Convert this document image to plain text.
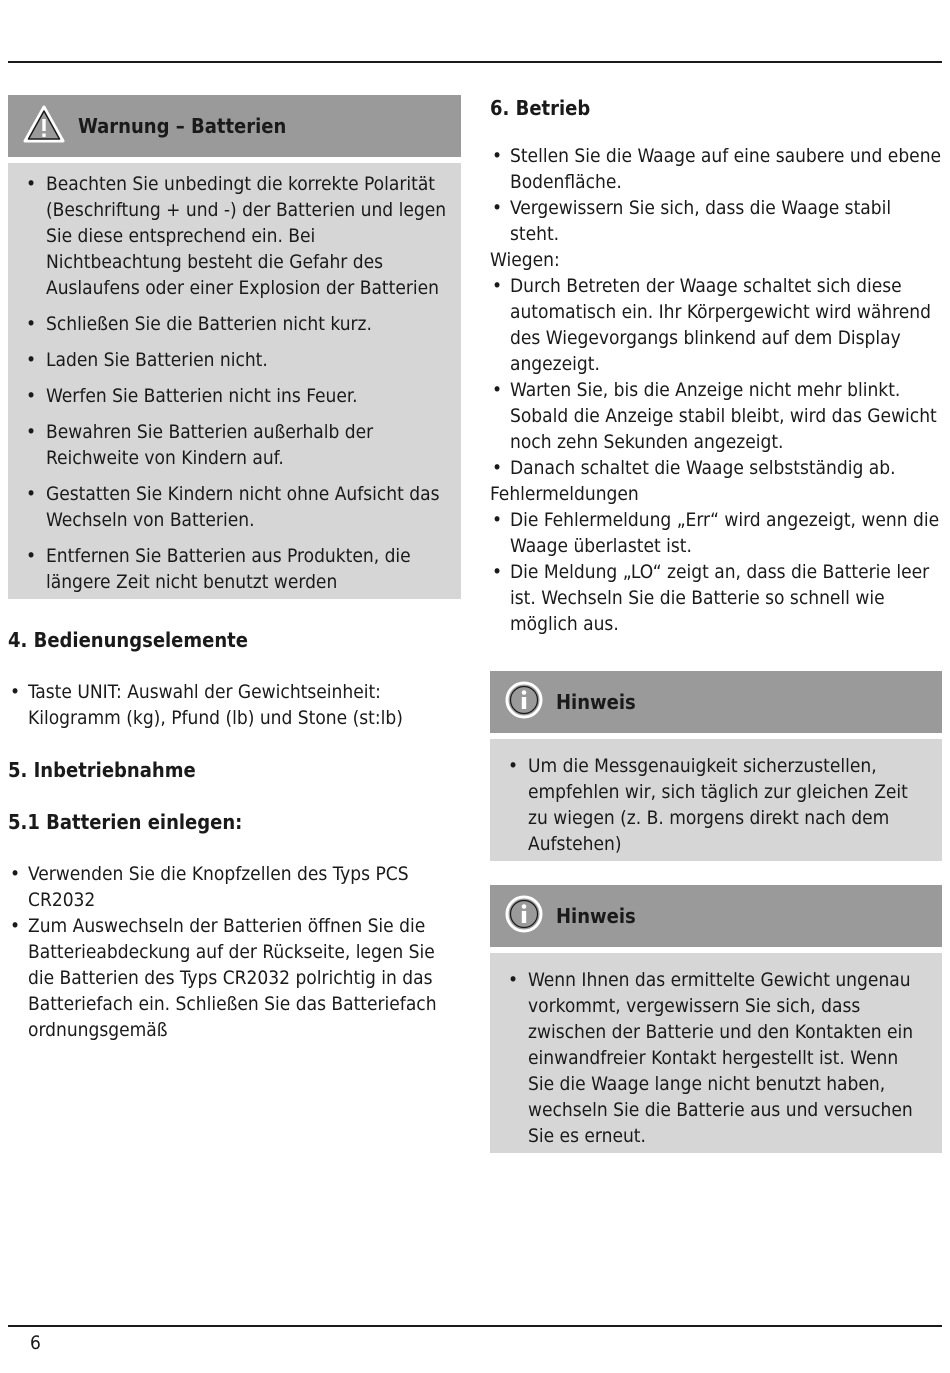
Warnung – Batterien
• Beachten Sie unbedingt die korrekte Polarität (Beschriftung + und -) der Batterien und legen Sie diese entsprechend ein. Bei Nichtbeachtung besteht die Gefahr des Auslaufens oder einer Explosion der Batterien
• Schließen Sie die Batterien nicht kurz.
• Laden Sie Batterien nicht.
• Werfen Sie Batterien nicht ins Feuer.
• Bewahren Sie Batterien außerhalb der Reichweite von Kindern auf.
• Gestatten Sie Kindern nicht ohne Aufsicht das Wechseln von Batterien.
• Entfernen Sie Batterien aus Produkten, die längere Zeit nicht benutzt werden
4. Bedienungselemente
• Taste UNIT: Auswahl der Gewichtseinheit: Kilogramm (kg), Pfund (lb) und Stone (st:lb)
5. Inbetriebnahme
5.1 Batterien einlegen:
• Verwenden Sie die Knopfzellen des Typs PCS CR2032
• Zum Auswechseln der Batterien öffnen Sie die Batterieabdeckung auf der Rückseite, legen Sie die Batterien des Typs CR2032 polrichtig in das Batteriefach ein. Schließen Sie das Batteriefach ordnungsgemäß
6. Betrieb
• Stellen Sie die Waage auf eine saubere und ebene Bodenfläche.
• Vergewissern Sie sich, dass die Waage stabil steht.

Wiegen:

• Durch Betreten der Waage schaltet sich diese automatisch ein. Ihr Körpergewicht wird während des Wiegevorgangs blinkend auf dem Display angezeigt.
• Warten Sie, bis die Anzeige nicht mehr blinkt. Sobald die Anzeige stabil bleibt, wird das Gewicht noch zehn Sekunden angezeigt.
• Danach schaltet die Waage selbstständig ab.

Fehlermeldungen

• Die Fehlermeldung „Err“ wird angezeigt, wenn die Waage überlastet ist.
• Die Meldung „LO“ zeigt an, dass die Batterie leer ist. Wechseln Sie die Batterie so schnell wie möglich aus.
Hinweis
• Um die Messgenauigkeit sicherzustellen, empfehlen wir, sich täglich zur gleichen Zeit zu wiegen (z. B. morgens direkt nach dem Aufstehen)
Hinweis
• Wenn Ihnen das ermittelte Gewicht ungenau vorkommt, vergewissern Sie sich, dass zwischen der Batterie und den Kontakten ein einwandfreier Kontakt hergestellt ist. Wenn Sie die Waage lange nicht benutzt haben, wechseln Sie die Batterie aus und versuchen Sie es erneut.
6
